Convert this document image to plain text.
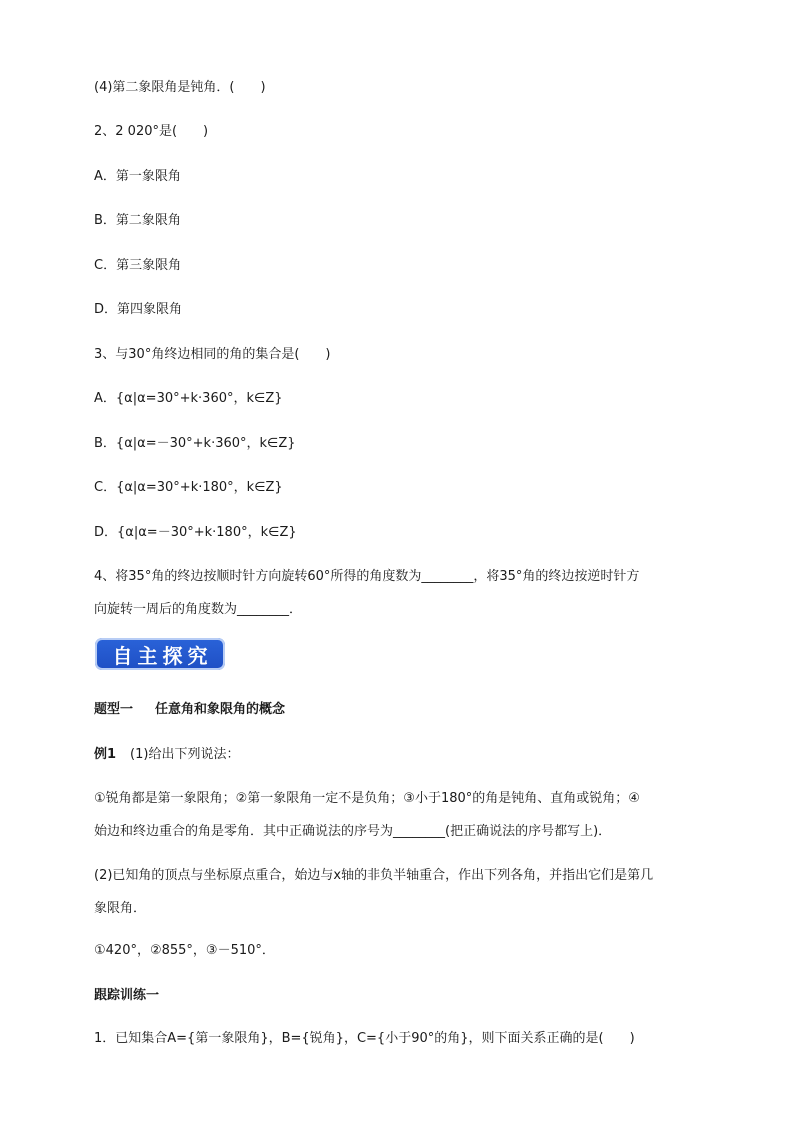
(4)第二象限角是钝角．(　　)
2、2 020°是(　　)
A．第一象限角
B．第二象限角
C．第三象限角
D．第四象限角
3、与30°角终边相同的角的集合是(　　)
A．{α|α=30°+k·360°，k∈Z}
B．{α|α=－30°+k·360°，k∈Z}
C．{α|α=30°+k·180°，k∈Z}
D．{α|α=－30°+k·180°，k∈Z}
4、将35°角的终边按顺时针方向旋转60°所得的角度数为________，将35°角的终边按逆时针方
向旋转一周后的角度数为________．
自主探究
题型一 任意角和象限角的概念
例1 (1)给出下列说法：
①锐角都是第一象限角；②第一象限角一定不是负角；③小于180°的角是钝角、直角或锐角；④
始边和终边重合的角是零角．其中正确说法的序号为________(把正确说法的序号都写上)．
(2)已知角的顶点与坐标原点重合，始边与x轴的非负半轴重合，作出下列各角，并指出它们是第几
象限角．
①420°，②855°，③－510°．
跟踪训练一
1．已知集合A={第一象限角}，B={锐角}，C={小于90°的角}，则下面关系正确的是(　　)
